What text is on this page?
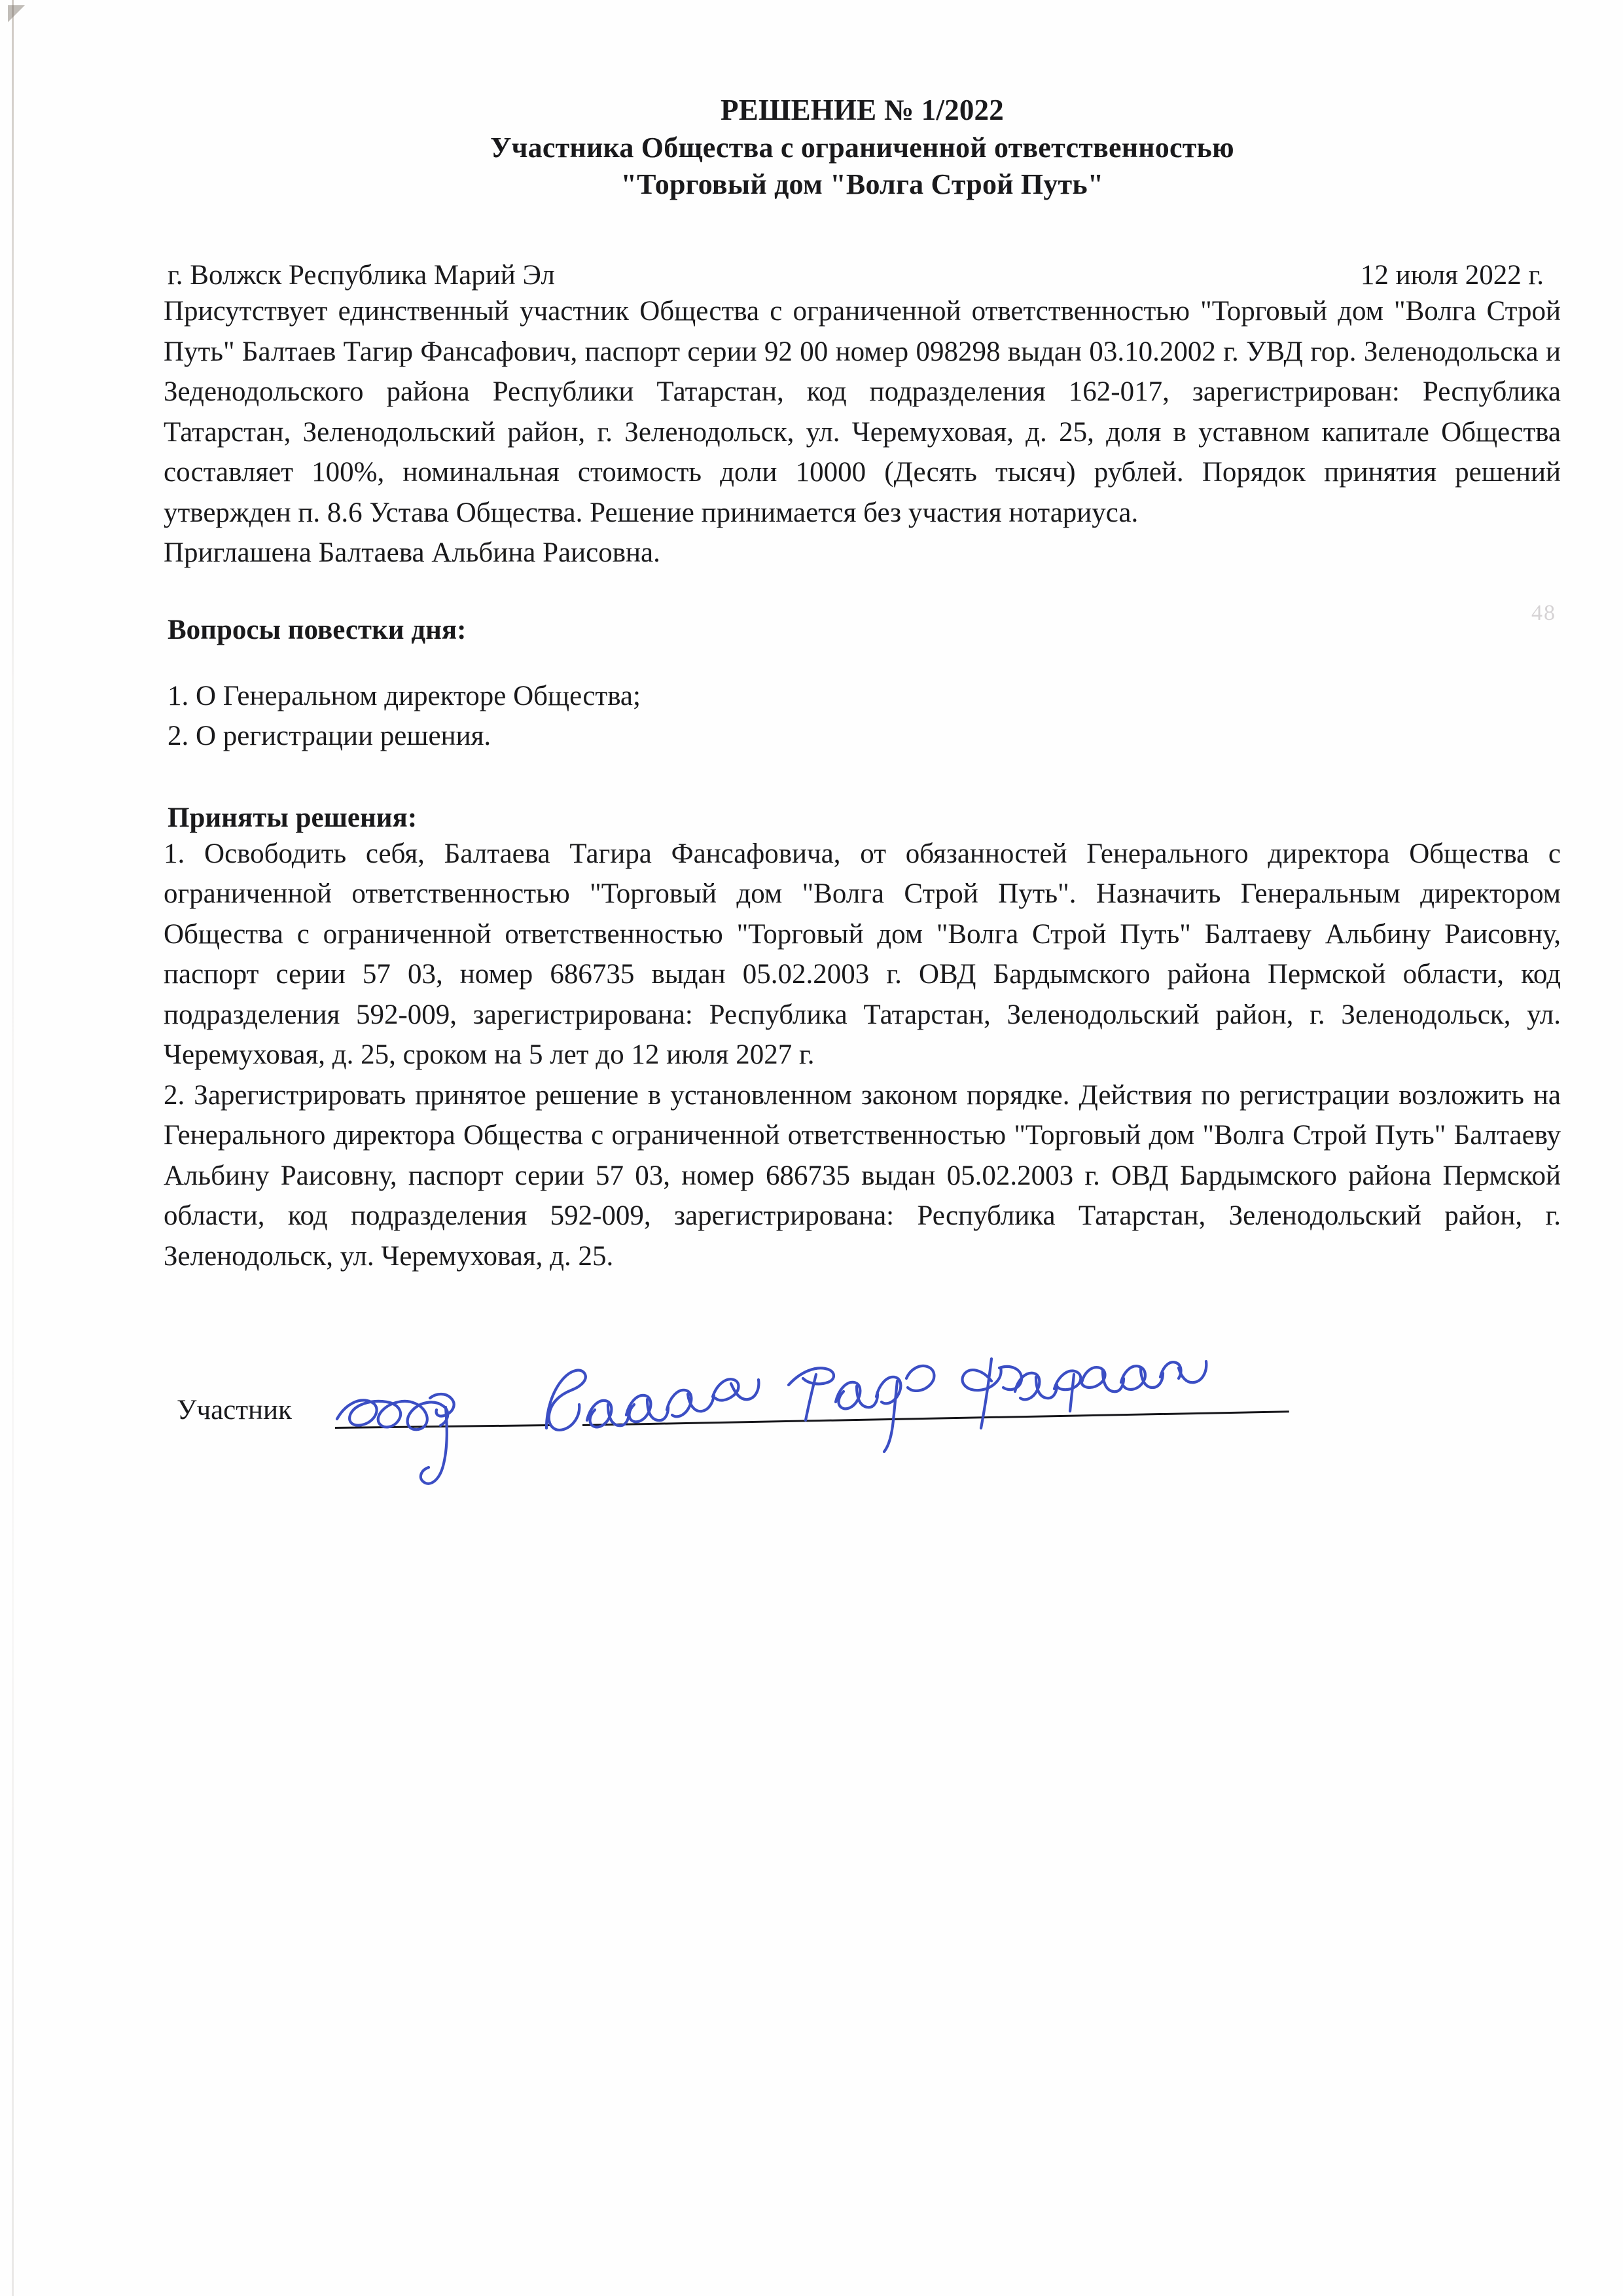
48
РЕШЕНИЕ № 1/2022
Участника Общества с ограниченной ответственностью
"Торговый дом "Волга Строй Путь"
г. Волжск Республика Марий Эл	12 июля 2022 г.

Присутствует единственный участник Общества с ограниченной ответственностью "Торговый дом "Волга Строй Путь" Балтаев Тагир Фансафович, паспорт серии 92 00 номер 098298 выдан 03.10.2002 г. УВД гор. Зеленодольска и Зеденодольского района Республики Татарстан, код подразделения 162-017, зарегистрирован: Республика Татарстан, Зеленодольский район, г. Зеленодольск, ул. Черемуховая, д. 25, доля в уставном капитале Общества составляет 100%, номинальная стоимость доли 10000 (Десять тысяч) рублей. Порядок принятия решений утвержден п. 8.6 Устава Общества. Решение принимается без участия нотариуса.

Приглашена Балтаева Альбина Раисовна.

Вопросы повестки дня:
1. О Генеральном директоре Общества;
2. О регистрации решения.
Приняты решения:

1. Освободить себя, Балтаева Тагира Фансафовича, от обязанностей Генерального директора Общества с ограниченной ответственностью "Торговый дом "Волга Строй Путь". Назначить Генеральным директором Общества с ограниченной ответственностью "Торговый дом "Волга Строй Путь" Балтаеву Альбину Раисовну, паспорт серии 57 03, номер 686735 выдан 05.02.2003 г. ОВД Бардымского района Пермской области, код подразделения 592-009, зарегистрирована: Республика Татарстан, Зеленодольский район, г. Зеленодольск, ул. Черемуховая, д. 25, сроком на 5 лет до 12 июля 2027 г.

2. Зарегистрировать принятое решение в установленном законом порядке. Действия по регистрации возложить на Генерального директора Общества с ограниченной ответственностью "Торговый дом "Волга Строй Путь" Балтаеву Альбину Раисовну, паспорт серии 57 03, номер 686735 выдан 05.02.2003 г. ОВД Бардымского района Пермской области, код подразделения 592-009, зарегистрирована: Республика Татарстан, Зеленодольский район, г. Зеленодольск, ул. Черемуховая, д. 25.

Участник
